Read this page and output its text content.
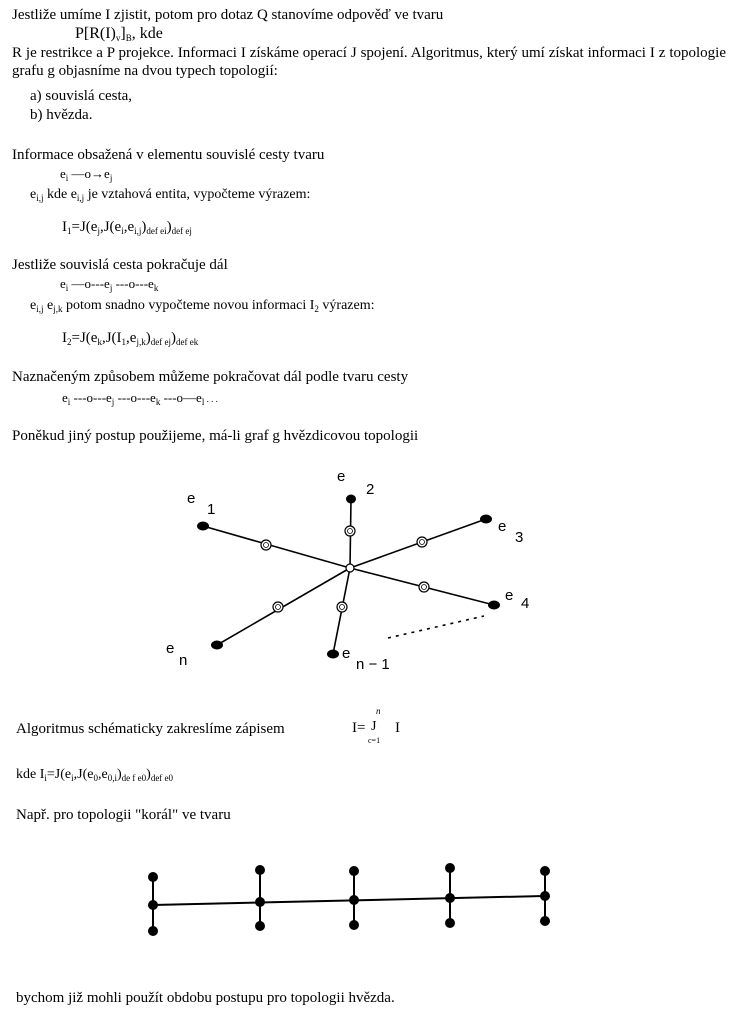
Jestliže umíme I zjistit, potom pro dotaz Q stanovíme odpověď ve tvaru

$P[R(I)_v]_B$, kde

R je restrikce a P projekce. Informaci I získáme operací J spojení. Algoritmus, který umí získat informaci I z topologie grafu g objasníme na dvou typech topologií:

a) souvislá cesta,

b) hvězda.

Informace obsažená v elementu souvislé cesty tvaru

$e_i$ $—o\to e_j$

$e_{i,j}$ kde $e_{i,j}$ je vztahová entita, vypočteme výrazem:

$I_1=J(e_j,J(e_i,e_{i,j})_{def ei})_{def ej}$

Jestliže souvislá cesta pokračuje dál

$e_i$ $—o---e_j$ $---o---e_k$

$e_{i,j}$ $e_{j,k}$ potom snadno vypočteme novou informaci $I_2$ výrazem:

$I_2=J(e_k,J(I_1,e_{j,k})_{def ej})_{def ek}$

Naznačeným způsobem můžeme pokračovat dál podle tvaru cesty

$e_i$ $---o---e_j$ $---o---e_k$ $---o—e_l$ . . .

Poněkud jiný postup použijeme, má-li graf g hvězdicovou topologii

e
1
e
2
e
3
e 4
e
n	e
n − 1

Algoritmus schématicky zakreslíme zápisem	I= J
n
c=1
I

kde $I_i=J(e_i,J(e_0,e_{0,i})_{de f e0})_{def e0}$

Např. pro topologii "korál" ve tvaru

bychom již mohli použít obdobu postupu pro topologii hvězda.
